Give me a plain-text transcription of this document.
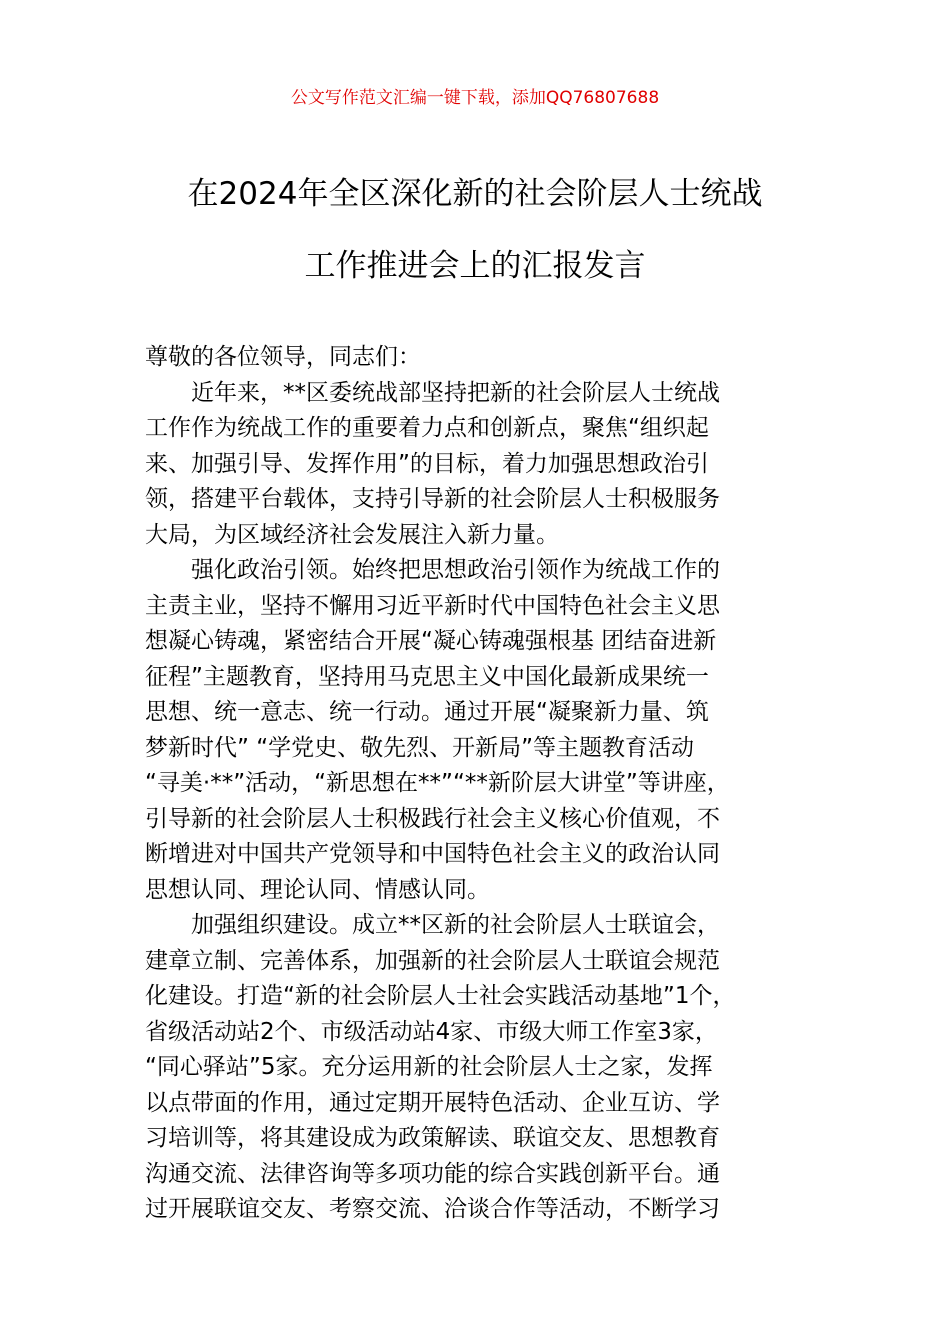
公文写作范文汇编一键下载，添加QQ76807688
在2024年全区深化新的社会阶层人士统战
工作推进会上的汇报发言
尊敬的各位领导，同志们：
近年来，**区委统战部坚持把新的社会阶层人士统战
工作作为统战工作的重要着力点和创新点，聚焦“组织起
来、加强引导、发挥作用”的目标，着力加强思想政治引
领，搭建平台载体，支持引导新的社会阶层人士积极服务
大局，为区域经济社会发展注入新力量。
强化政治引领。始终把思想政治引领作为统战工作的
主责主业，坚持不懈用习近平新时代中国特色社会主义思
想凝心铸魂，紧密结合开展“凝心铸魂强根基 团结奋进新
征程”主题教育，坚持用马克思主义中国化最新成果统一
思想、统一意志、统一行动。通过开展“凝聚新力量、筑
梦新时代” “学党史、敬先烈、开新局”等主题教育活动
“寻美·**”活动，“新思想在**”“**新阶层大讲堂”等讲座，
引导新的社会阶层人士积极践行社会主义核心价值观，不
断增进对中国共产党领导和中国特色社会主义的政治认同
思想认同、理论认同、情感认同。
加强组织建设。成立**区新的社会阶层人士联谊会，
建章立制、完善体系，加强新的社会阶层人士联谊会规范
化建设。打造“新的社会阶层人士社会实践活动基地”1个，
省级活动站2个、市级活动站4家、市级大师工作室3家，
“同心驿站”5家。充分运用新的社会阶层人士之家，发挥
以点带面的作用，通过定期开展特色活动、企业互访、学
习培训等，将其建设成为政策解读、联谊交友、思想教育
沟通交流、法律咨询等多项功能的综合实践创新平台。通
过开展联谊交友、考察交流、洽谈合作等活动，不断学习
